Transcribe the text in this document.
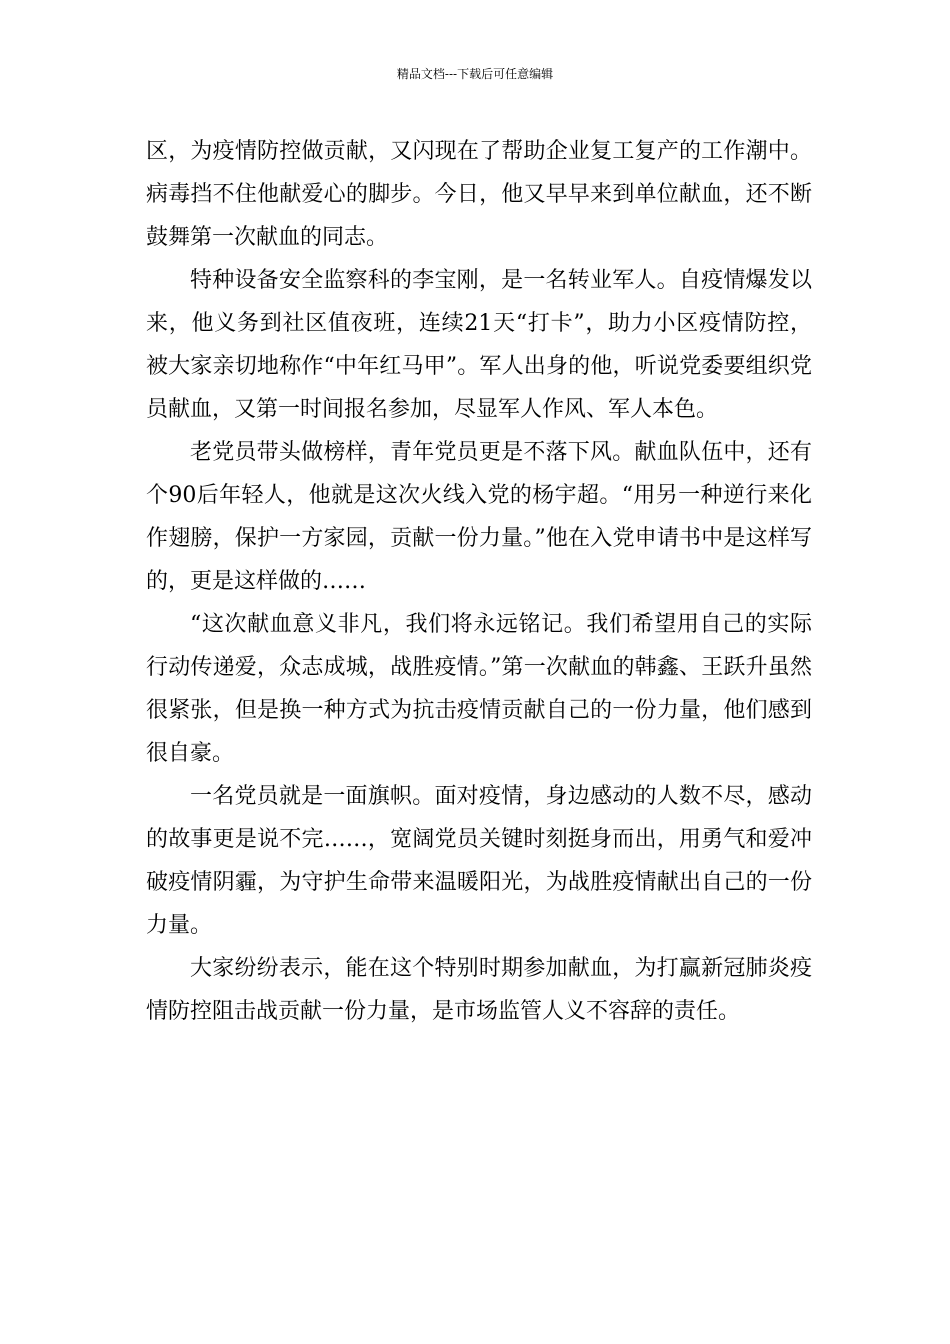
精品文档---下载后可任意编辑

区，为疫情防控做贡献，又闪现在了帮助企业复工复产的工作潮中。病毒挡不住他献爱心的脚步。今日，他又早早来到单位献血，还不断鼓舞第一次献血的同志。

特种设备安全监察科的李宝刚，是一名转业军人。自疫情爆发以来，他义务到社区值夜班，连续21天“打卡”，助力小区疫情防控，被大家亲切地称作“中年红马甲”。军人出身的他，听说党委要组织党员献血，又第一时间报名参加，尽显军人作风、军人本色。

老党员带头做榜样，青年党员更是不落下风。献血队伍中，还有个90后年轻人，他就是这次火线入党的杨宇超。“用另一种逆行来化作翅膀，保护一方家园，贡献一份力量。”他在入党申请书中是这样写的，更是这样做的……

“这次献血意义非凡，我们将永远铭记。我们希望用自己的实际行动传递爱，众志成城，战胜疫情。”第一次献血的韩鑫、王跃升虽然很紧张，但是换一种方式为抗击疫情贡献自己的一份力量，他们感到很自豪。

一名党员就是一面旗帜。面对疫情，身边感动的人数不尽，感动的故事更是说不完……，宽阔党员关键时刻挺身而出，用勇气和爱冲破疫情阴霾，为守护生命带来温暖阳光，为战胜疫情献出自己的一份力量。

大家纷纷表示，能在这个特别时期参加献血，为打赢新冠肺炎疫情防控阻击战贡献一份力量，是市场监管人义不容辞的责任。
